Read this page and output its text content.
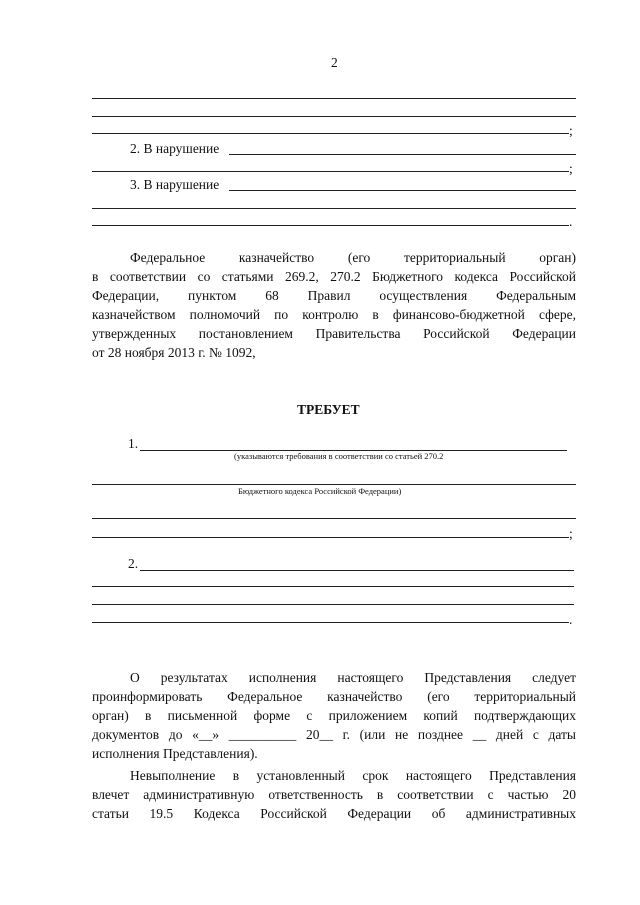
2
;
2. В нарушение
;
3. В нарушение
.
Федеральное казначейство (его территориальный орган)
в соответствии со статьями 269.2, 270.2 Бюджетного кодекса Российской
Федерации, пунктом 68 Правил осуществления Федеральным
казначейством полномочий по контролю в финансово-бюджетной сфере,
утвержденных постановлением Правительства Российской Федерации
от 28 ноября 2013 г. № 1092,
ТРЕБУЕТ
1.
(указываются требования в соответствии со статьей 270.2
Бюджетного кодекса Российской Федерации)
;
2.
.
О результатах исполнения настоящего Представления следует
проинформировать Федеральное казначейство (его территориальный
орган) в письменной форме с приложением копий подтверждающих
документов до «__» __________ 20__ г. (или не позднее __ дней с даты
исполнения Представления).
Невыполнение в установленный срок настоящего Представления
влечет административную ответственность в соответствии с частью 20
статьи 19.5 Кодекса Российской Федерации об административных
